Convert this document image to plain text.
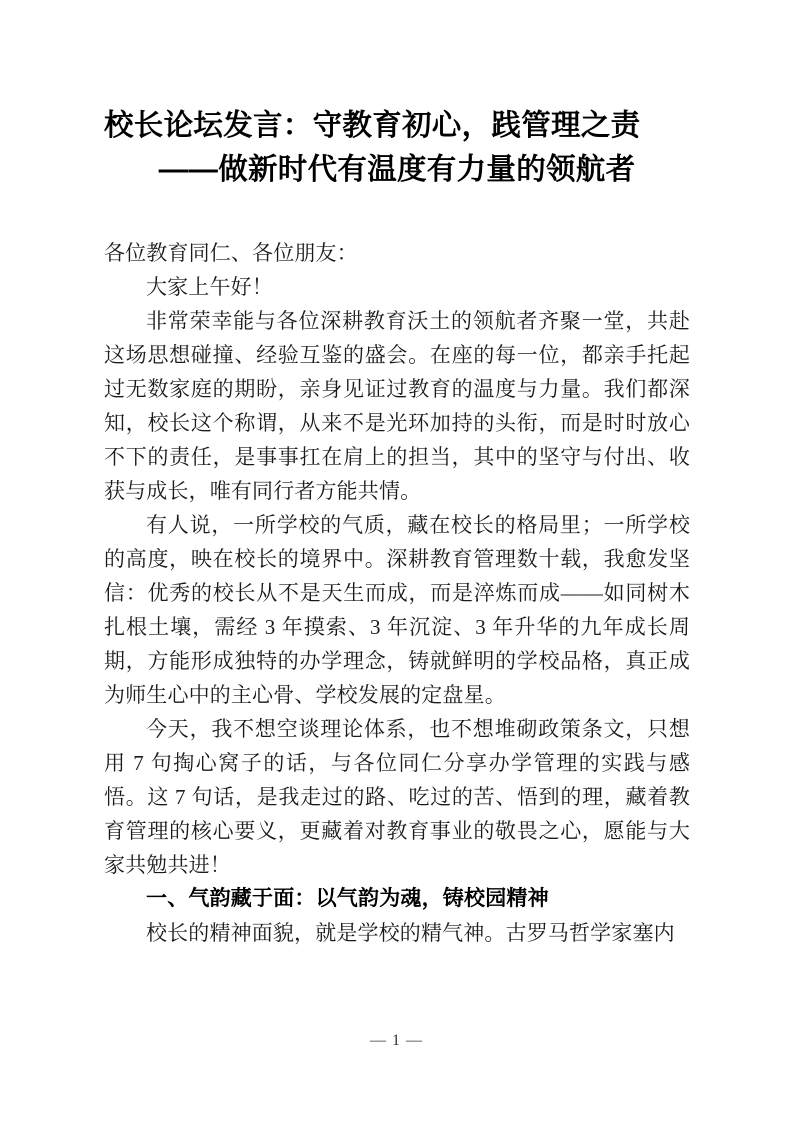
校长论坛发言：守教育初心，践管理之责
——做新时代有温度有力量的领航者

各位教育同仁、各位朋友：

大家上午好！

非常荣幸能与各位深耕教育沃土的领航者齐聚一堂，共赴这场思想碰撞、经验互鉴的盛会。在座的每一位，都亲手托起过无数家庭的期盼，亲身见证过教育的温度与力量。我们都深知，校长这个称谓，从来不是光环加持的头衔，而是时时放心不下的责任，是事事扛在肩上的担当，其中的坚守与付出、收获与成长，唯有同行者方能共情。

有人说，一所学校的气质，藏在校长的格局里；一所学校的高度，映在校长的境界中。深耕教育管理数十载，我愈发坚信：优秀的校长从不是天生而成，而是淬炼而成——如同树木扎根土壤，需经 3 年摸索、3 年沉淀、3 年升华的九年成长周期，方能形成独特的办学理念，铸就鲜明的学校品格，真正成为师生心中的主心骨、学校发展的定盘星。

今天，我不想空谈理论体系，也不想堆砌政策条文，只想用 7 句掏心窝子的话，与各位同仁分享办学管理的实践与感悟。这 7 句话，是我走过的路、吃过的苦、悟到的理，藏着教育管理的核心要义，更藏着对教育事业的敬畏之心，愿能与大家共勉共进！

一、气韵藏于面：以气韵为魂，铸校园精神

校长的精神面貌，就是学校的精气神。古罗马哲学家塞内

— 1 —
